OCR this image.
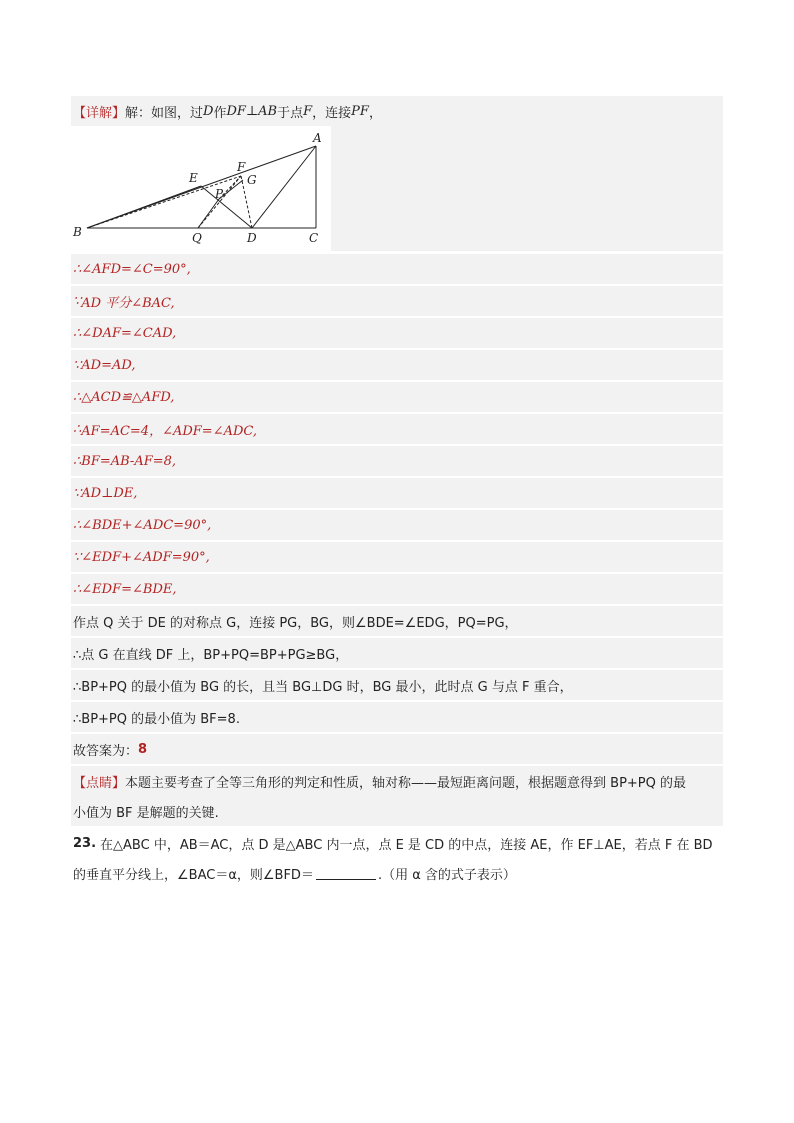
【详解】 解：如图，过 D 作 DF⊥AB 于点 F ，连接 PF ，
A
B	C
D
E
F
G
P
Q
∴ ∠AFD=∠C=90°,
∵ AD 平分∠BAC,
∴ ∠DAF=∠CAD,
∵ AD=AD,
∴ △ACD≌△AFD,
∴ AF=AC=4，∠ADF=∠ADC,
∴ BF=AB-AF=8,
∵ AD⊥DE,
∴ ∠BDE+∠ADC=90°,
∵ ∠EDF+∠ADF=90°,
∴ ∠EDF=∠BDE,
作点 Q 关于 DE 的对称点 G，连接 PG，BG，则∠BDE=∠EDG，PQ=PG，
∴点 G 在直线 DF 上，BP+PQ=BP+PG≥BG，
∴BP+PQ 的最小值为 BG 的长，且当 BG⊥DG 时，BG 最小，此时点 G 与点 F 重合，
∴BP+PQ 的最小值为 BF=8.
故答案为： 8
【点睛】 本题主要考查了全等三角形的判定和性质，轴对称——最短距离问题，根据题意得到 BP+PQ 的最
小值为 BF 是解题的关键.
23. 在△ABC 中，AB＝AC，点 D 是△ABC 内一点，点 E 是 CD 的中点，连接 AE，作 EF⊥AE，若点 F 在 BD
的垂直平分线上，∠BAC＝α，则∠BFD＝	.（用 α 含的式子表示）
